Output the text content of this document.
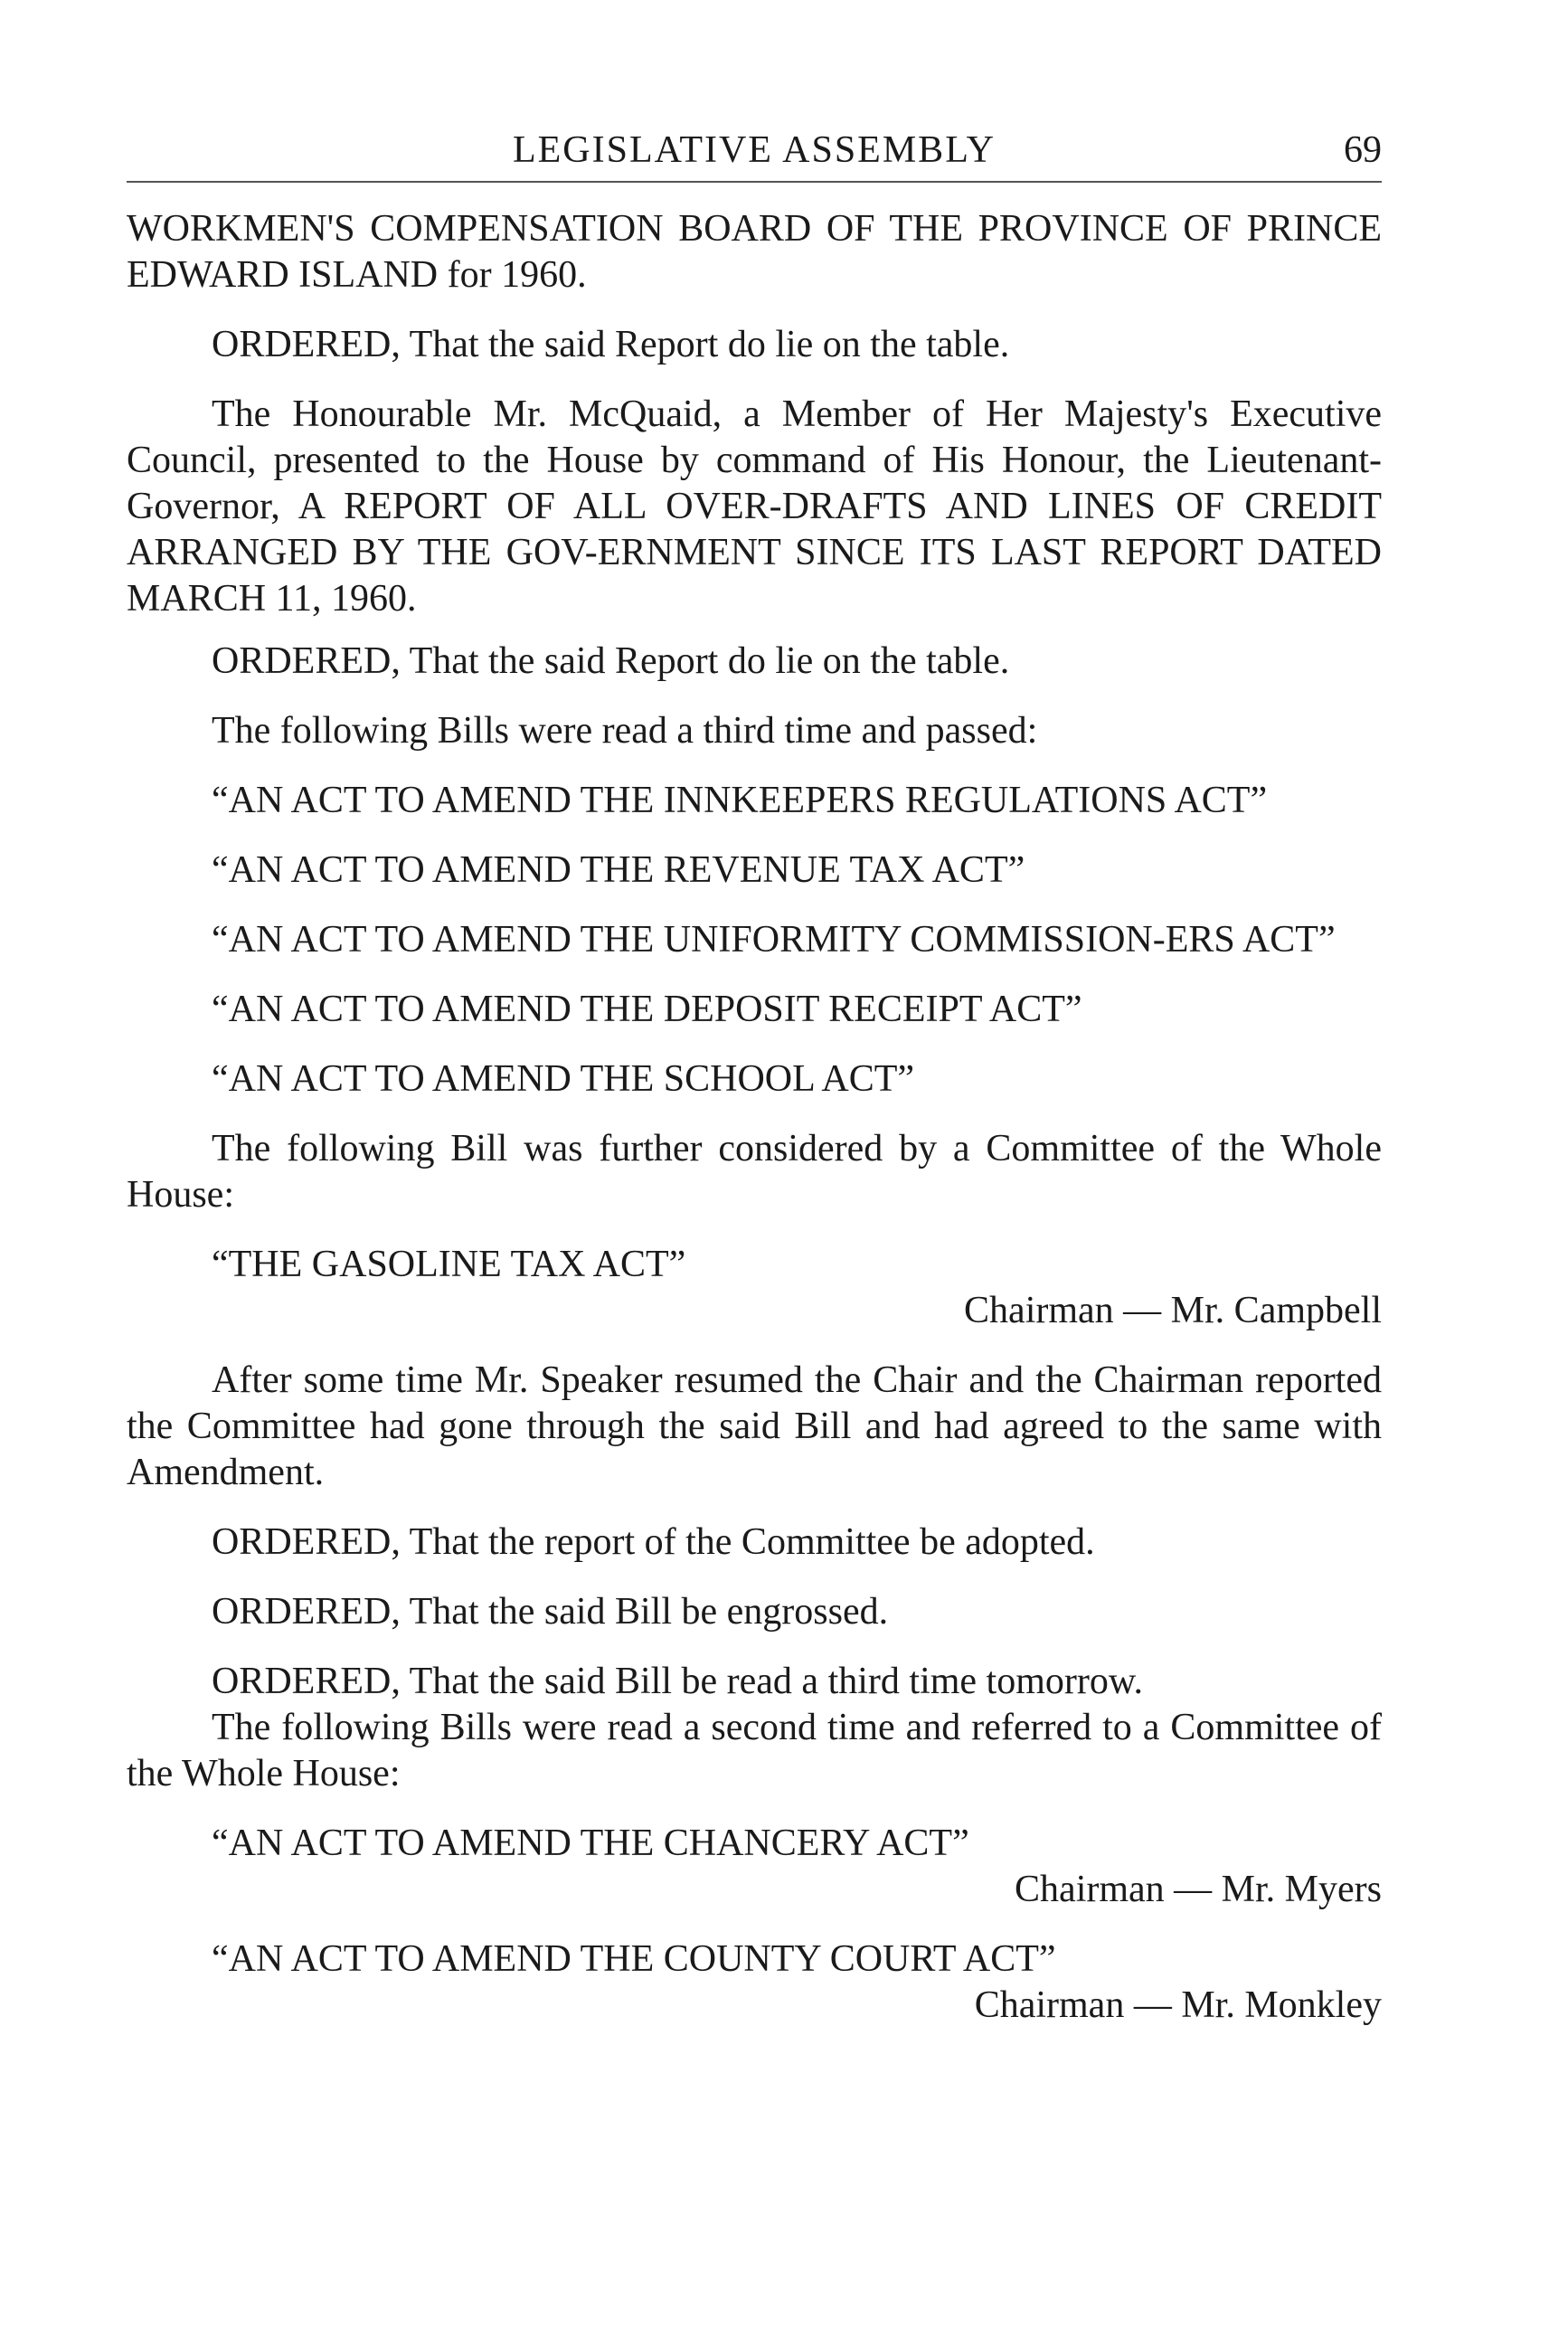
LEGISLATIVE ASSEMBLY	69

WORKMEN'S COMPENSATION BOARD OF THE PROVINCE OF PRINCE EDWARD ISLAND for 1960.

ORDERED, That the said Report do lie on the table.

The Honourable Mr. McQuaid, a Member of Her Majesty's Executive Council, presented to the House by command of His Honour, the Lieutenant-Governor, A REPORT OF ALL OVER-DRAFTS AND LINES OF CREDIT ARRANGED BY THE GOV-ERNMENT SINCE ITS LAST REPORT DATED MARCH 11, 1960.

ORDERED, That the said Report do lie on the table.

The following Bills were read a third time and passed:

“AN ACT TO AMEND THE INNKEEPERS REGULATIONS ACT”
“AN ACT TO AMEND THE REVENUE TAX ACT”
“AN ACT TO AMEND THE UNIFORMITY COMMISSION-ERS ACT”
“AN ACT TO AMEND THE DEPOSIT RECEIPT ACT”
“AN ACT TO AMEND THE SCHOOL ACT”

The following Bill was further considered by a Committee of the Whole House:

“THE GASOLINE TAX ACT”
Chairman — Mr. Campbell

After some time Mr. Speaker resumed the Chair and the Chairman reported the Committee had gone through the said Bill and had agreed to the same with Amendment.

ORDERED, That the report of the Committee be adopted.

ORDERED, That the said Bill be engrossed.

ORDERED, That the said Bill be read a third time tomorrow.

The following Bills were read a second time and referred to a Committee of the Whole House:

“AN ACT TO AMEND THE CHANCERY ACT”
Chairman — Mr. Myers
“AN ACT TO AMEND THE COUNTY COURT ACT”
Chairman — Mr. Monkley
